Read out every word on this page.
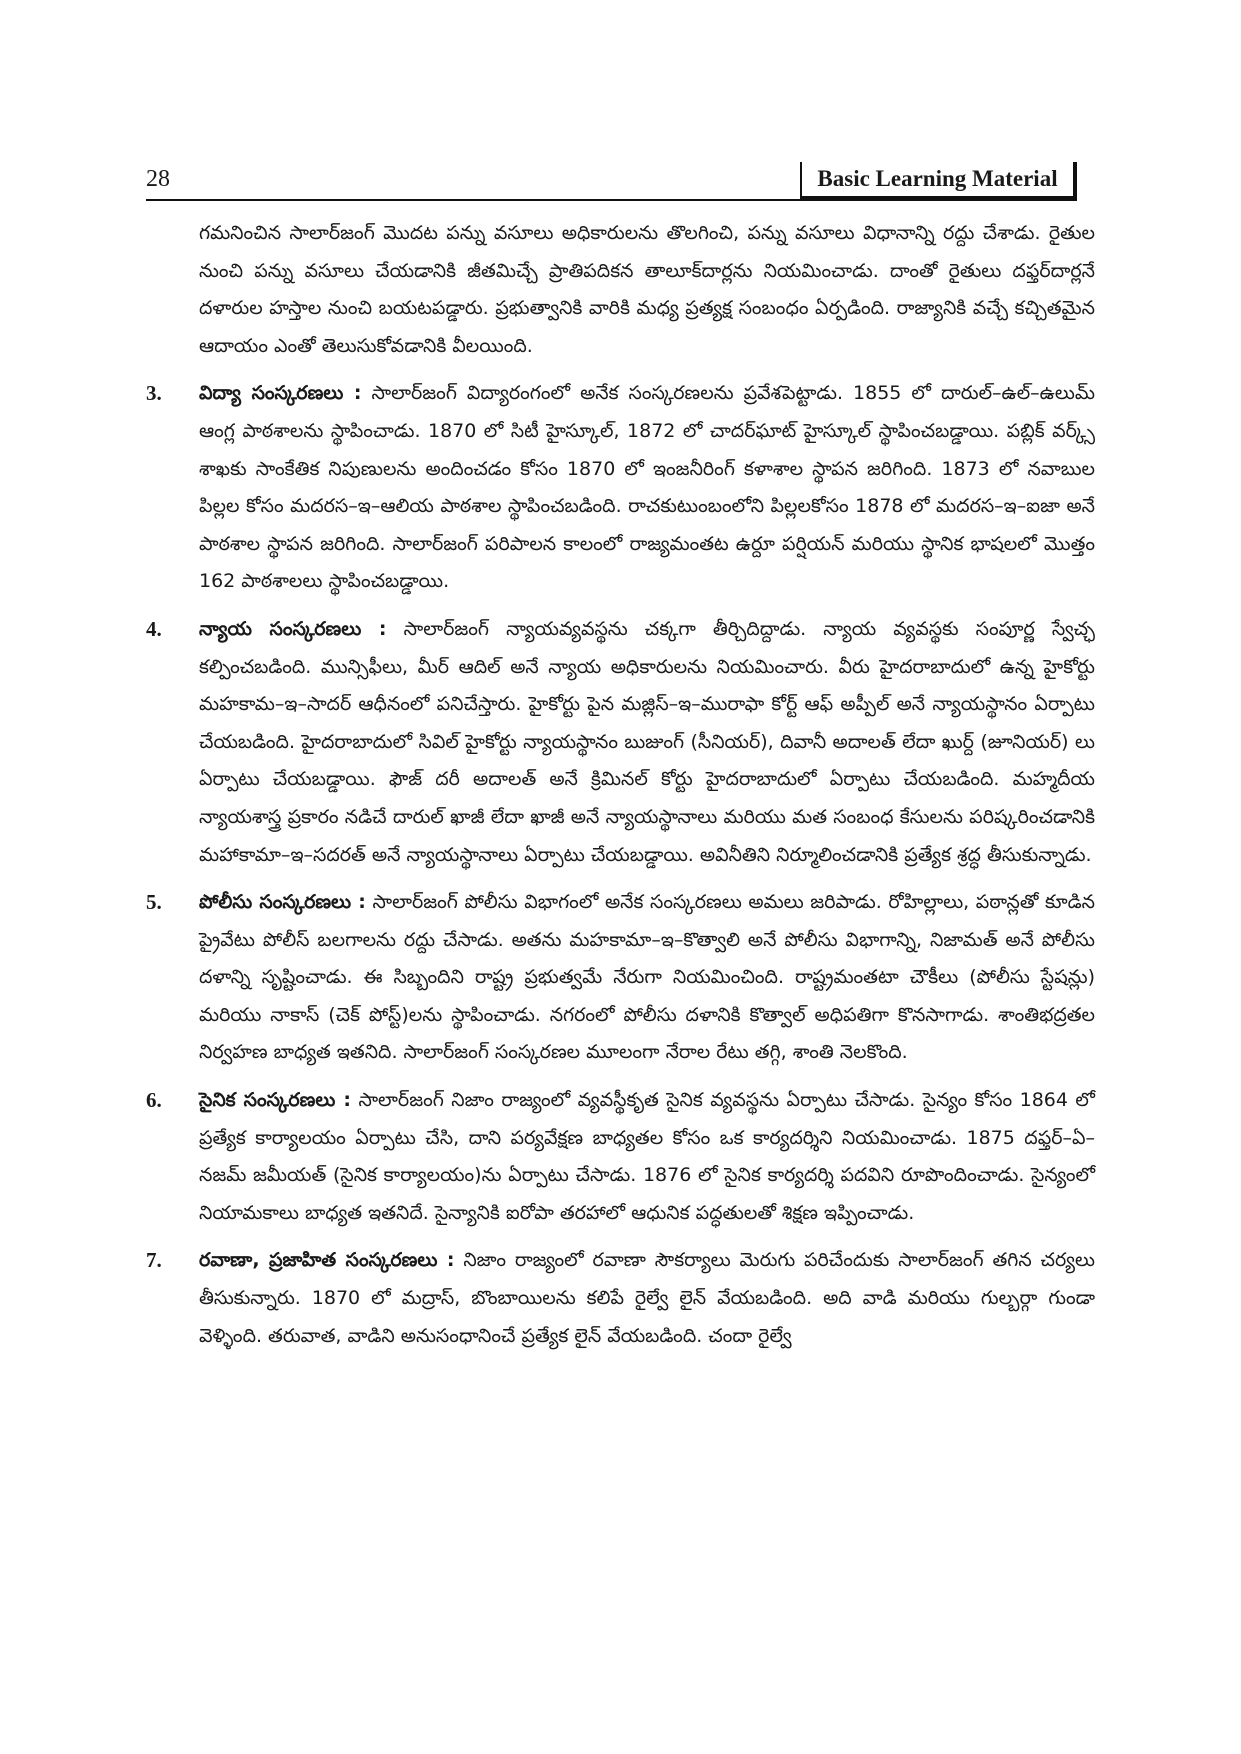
28	Basic Learning Material

గమనించిన సాలార్‌జంగ్ మొదట పన్ను వసూలు అధికారులను తొలగించి, పన్ను వసూలు విధానాన్ని రద్దు చేశాడు. రైతుల నుంచి పన్ను వసూలు చేయడానికి జీతమిచ్చే ప్రాతిపదికన తాలూక్‌దార్లను నియమించాడు. దాంతో రైతులు దఫ్తర్‌దార్లనే దళారుల హస్తాల నుంచి బయటపడ్డారు. ప్రభుత్వానికి వారికి మధ్య ప్రత్యక్ష సంబంధం ఏర్పడింది. రాజ్యానికి వచ్చే కచ్చితమైన ఆదాయం ఎంతో తెలుసుకోవడానికి వీలయింది.

3.	విద్యా సంస్కరణలు : సాలార్‌జంగ్ విద్యారంగంలో అనేక సంస్కరణలను ప్రవేశపెట్టాడు. 1855 లో దారుల్–ఉల్–ఉలుమ్ ఆంగ్ల పాఠశాలను స్థాపించాడు. 1870 లో సిటీ హైస్కూల్, 1872 లో చాదర్‌ఘాట్ హైస్కూల్ స్థాపించబడ్డాయి. పబ్లిక్ వర్క్స్ శాఖకు సాంకేతిక నిపుణులను అందించడం కోసం 1870 లో ఇంజనీరింగ్ కళాశాల స్థాపన జరిగింది. 1873 లో నవాబుల పిల్లల కోసం మదరస–ఇ–ఆలియ పాఠశాల స్థాపించబడింది. రాచకుటుంబంలోని పిల్లలకోసం 1878 లో మదరస–ఇ–ఐజా అనే పాఠశాల స్థాపన జరిగింది. సాలార్‌జంగ్ పరిపాలన కాలంలో రాజ్యమంతట ఉర్దూ పర్షియన్ మరియు స్థానిక భాషలలో మొత్తం 162 పాఠశాలలు స్థాపించబడ్డాయి.

4.	న్యాయ సంస్కరణలు : సాలార్‌జంగ్ న్యాయవ్యవస్థను చక్కగా తీర్చిదిద్దాడు. న్యాయ వ్యవస్థకు సంపూర్ణ స్వేచ్ఛ కల్పించబడింది. మున్సిఫీలు, మీర్ ఆదిల్ అనే న్యాయ అధికారులను నియమించారు. వీరు హైదరాబాదులో ఉన్న హైకోర్టు మహకామ–ఇ–సాదర్ ఆధీనంలో పనిచేస్తారు. హైకోర్టు పైన మజ్లిస్–ఇ–మురాఫా కోర్ట్ ఆఫ్ అప్పీల్ అనే న్యాయస్థానం ఏర్పాటు చేయబడింది. హైదరాబాదులో సివిల్ హైకోర్టు న్యాయస్థానం బుజుంగ్ (సీనియర్), దివానీ అదాలత్ లేదా ఖుర్ద్ (జూనియర్) లు ఏర్పాటు చేయబడ్డాయి. ఫౌజ్ దరీ అదాలత్ అనే క్రిమినల్ కోర్టు హైదరాబాదులో ఏర్పాటు చేయబడింది. మహ్మదీయ న్యాయశాస్త్ర ప్రకారం నడిచే దారుల్ ఖాజీ లేదా ఖాజీ అనే న్యాయస్థానాలు మరియు మత సంబంధ కేసులను పరిష్కరించడానికి మహాకామా–ఇ–సదరత్ అనే న్యాయస్థానాలు ఏర్పాటు చేయబడ్డాయి. అవినీతిని నిర్మూలించడానికి ప్రత్యేక శ్రద్ధ తీసుకున్నాడు.

5.	పోలీసు సంస్కరణలు : సాలార్‌జంగ్ పోలీసు విభాగంలో అనేక సంస్కరణలు అమలు జరిపాడు. రోహిల్లాలు, పఠాన్లతో కూడిన ప్రైవేటు పోలీస్ బలగాలను రద్దు చేసాడు. అతను మహకామా–ఇ–కొత్వాలి అనే పోలీసు విభాగాన్ని, నిజామత్ అనే పోలీసు దళాన్ని సృష్టించాడు. ఈ సిబ్బందిని రాష్ట్ర ప్రభుత్వమే నేరుగా నియమించింది. రాష్ట్రమంతటా చౌకీలు (పోలీసు స్టేషన్లు) మరియు నాకాస్ (చెక్ పోస్ట్)లను స్థాపించాడు. నగరంలో పోలీసు దళానికి కొత్వాల్ అధిపతిగా కొనసాగాడు. శాంతిభద్రతల నిర్వహణ బాధ్యత ఇతనిది. సాలార్‌జంగ్ సంస్కరణల మూలంగా నేరాల రేటు తగ్గి, శాంతి నెలకొంది.

6.	సైనిక సంస్కరణలు : సాలార్‌జంగ్ నిజాం రాజ్యంలో వ్యవస్థీకృత సైనిక వ్యవస్థను ఏర్పాటు చేసాడు. సైన్యం కోసం 1864 లో ప్రత్యేక కార్యాలయం ఏర్పాటు చేసి, దాని పర్యవేక్షణ బాధ్యతల కోసం ఒక కార్యదర్శిని నియమించాడు. 1875 దఫ్తర్–ఏ–నజమ్ జమీయత్ (సైనిక కార్యాలయం)ను ఏర్పాటు చేసాడు. 1876 లో సైనిక కార్యదర్శి పదవిని రూపొందించాడు. సైన్యంలో నియామకాలు బాధ్యత ఇతనిదే. సైన్యానికి ఐరోపా తరహాలో ఆధునిక పద్ధతులతో శిక్షణ ఇప్పించాడు.

7.	రవాణా, ప్రజాహిత సంస్కరణలు : నిజాం రాజ్యంలో రవాణా సౌకర్యాలు మెరుగు పరిచేందుకు సాలార్‌జంగ్ తగిన చర్యలు తీసుకున్నారు. 1870 లో మద్రాస్, బొంబాయిలను కలిపే రైల్వే లైన్ వేయబడింది. అది వాడి మరియు గుల్బర్గా గుండా వెళ్ళింది. తరువాత, వాడిని అనుసంధానించే ప్రత్యేక లైన్ వేయబడింది. చందా రైల్వే
